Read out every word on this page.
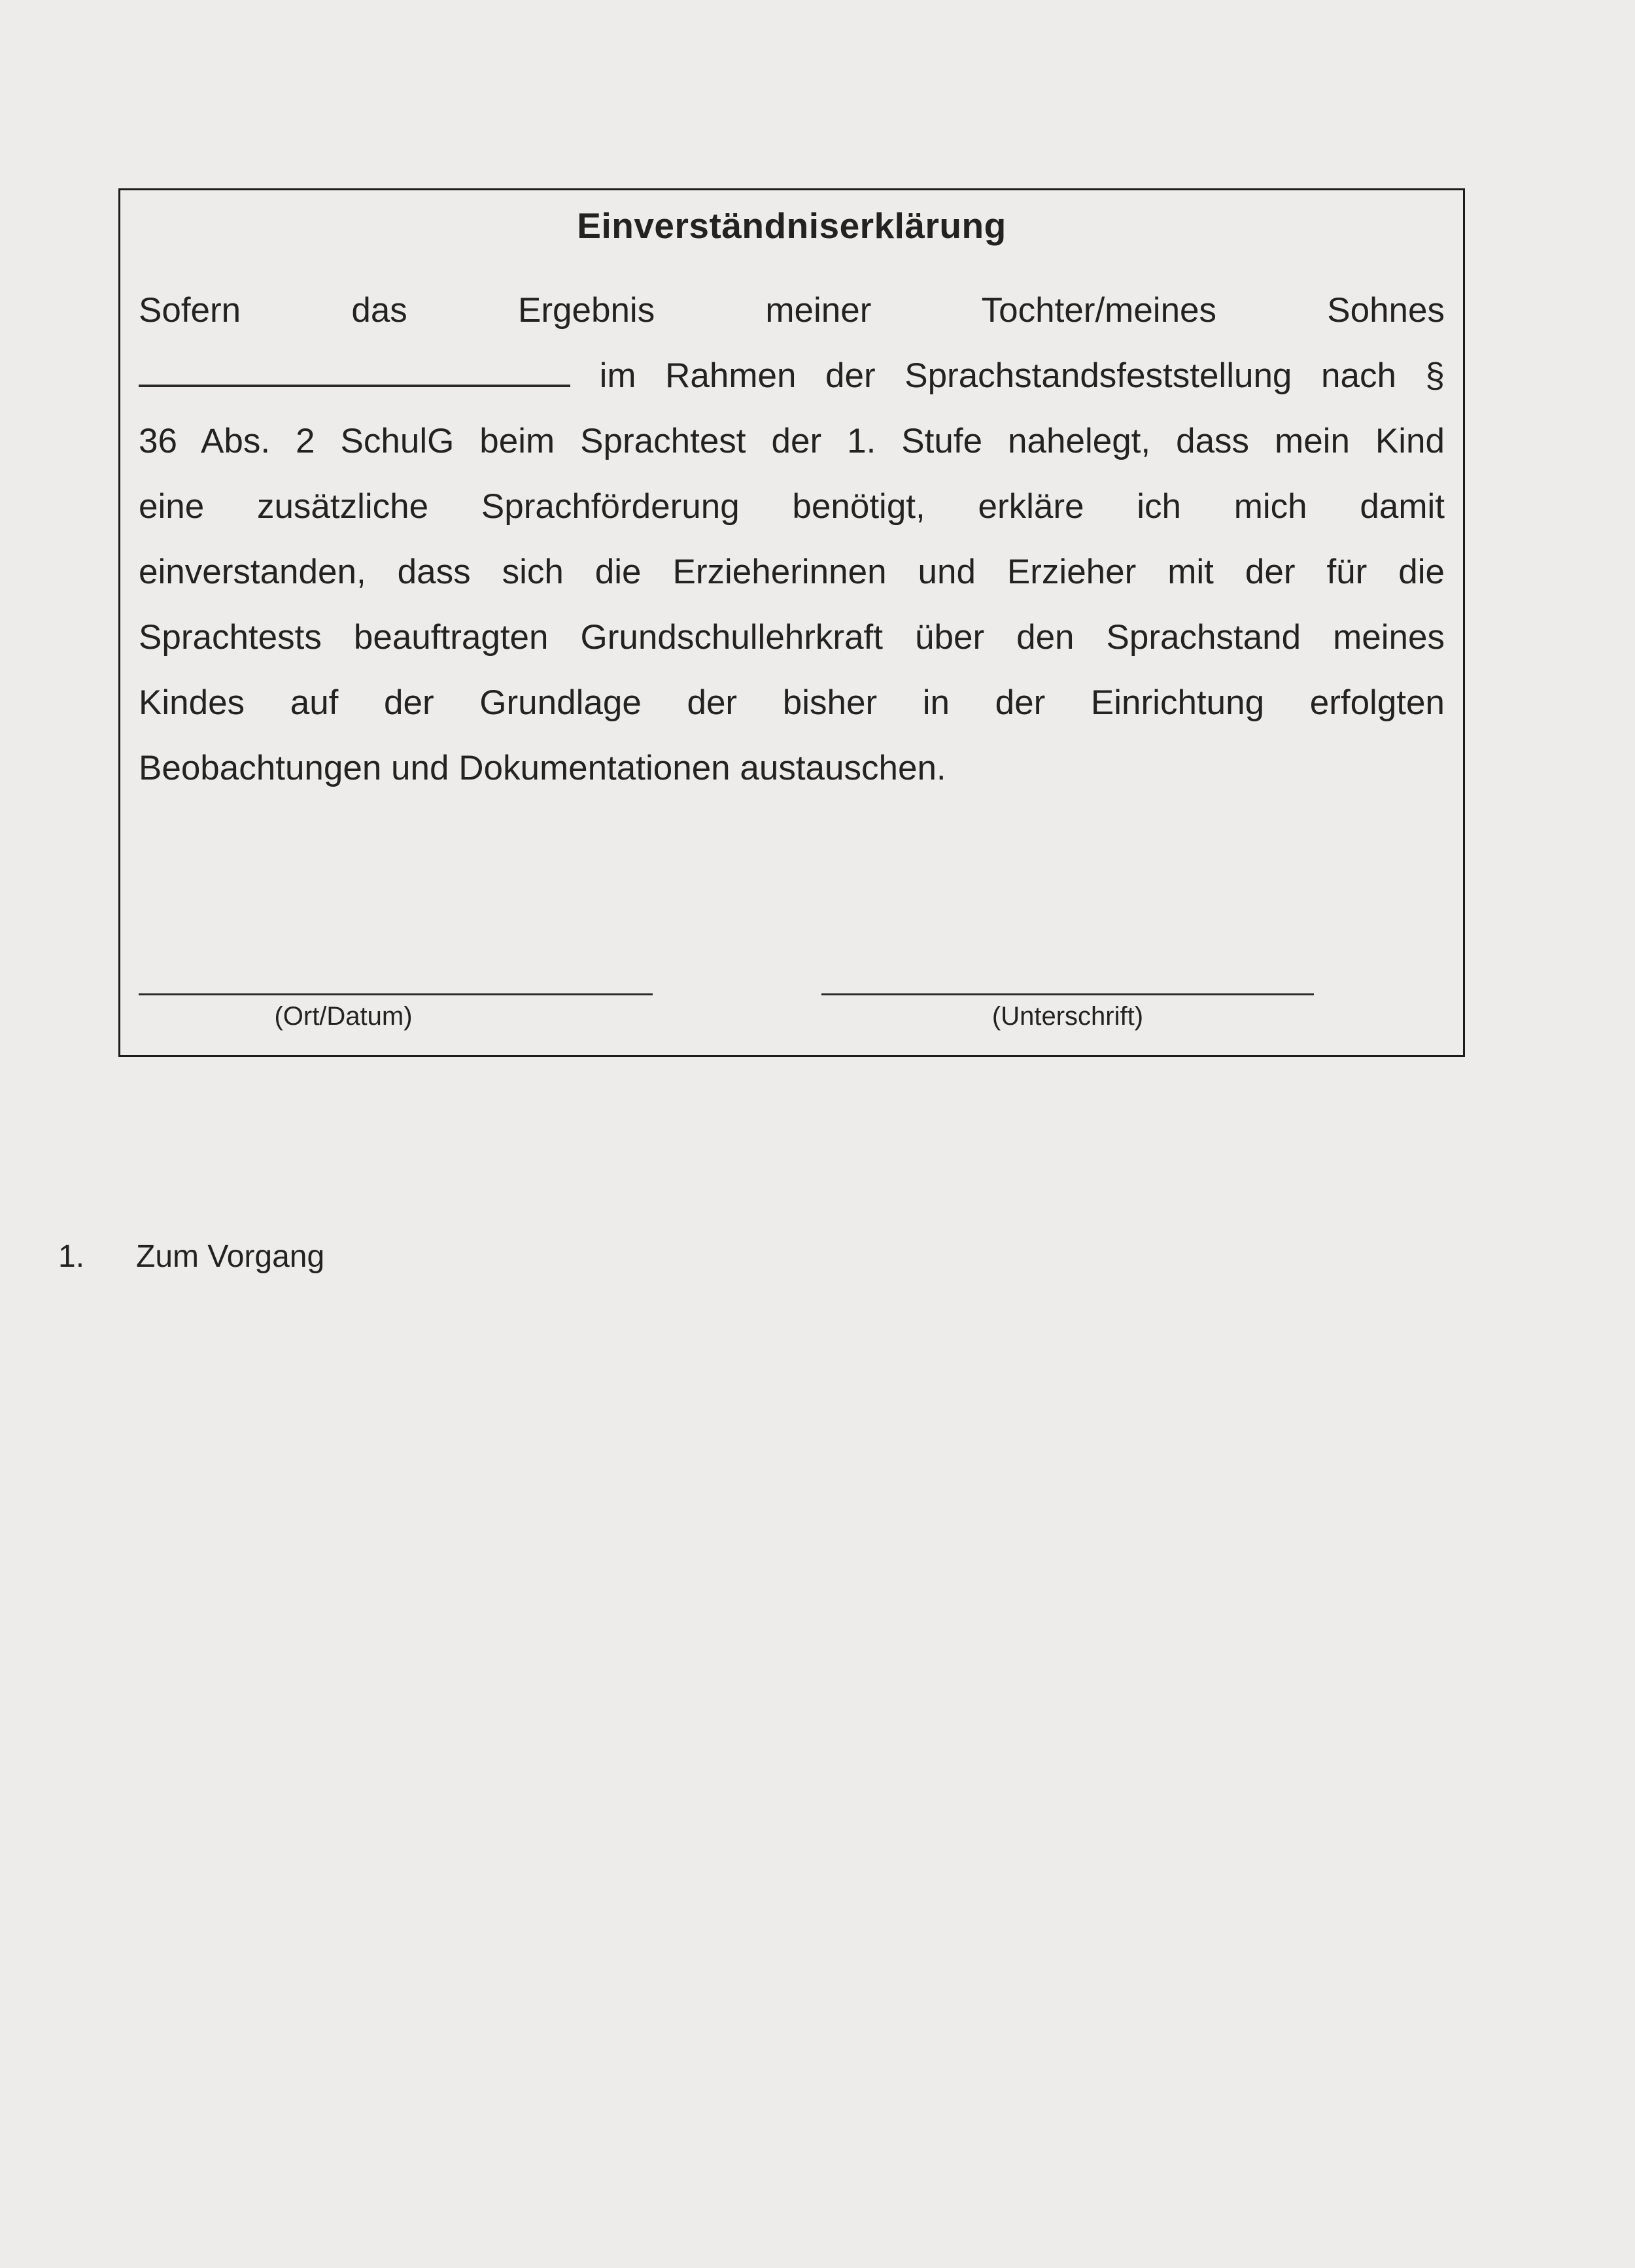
Einverständniserklärung
Sofern das Ergebnis meiner Tochter/meines Sohnes
im Rahmen der Sprachstandsfeststellung nach §
36 Abs. 2 SchulG beim Sprachtest der 1. Stufe nahelegt, dass mein Kind
eine zusätzliche Sprachförderung benötigt, erkläre ich mich damit
einverstanden, dass sich die Erzieherinnen und Erzieher mit der für die
Sprachtests beauftragten Grundschullehrkraft über den Sprachstand meines
Kindes auf der Grundlage der bisher in der Einrichtung erfolgten
Beobachtungen und Dokumentationen austauschen.
(Ort/Datum)	(Unterschrift)
1.	Zum Vorgang
